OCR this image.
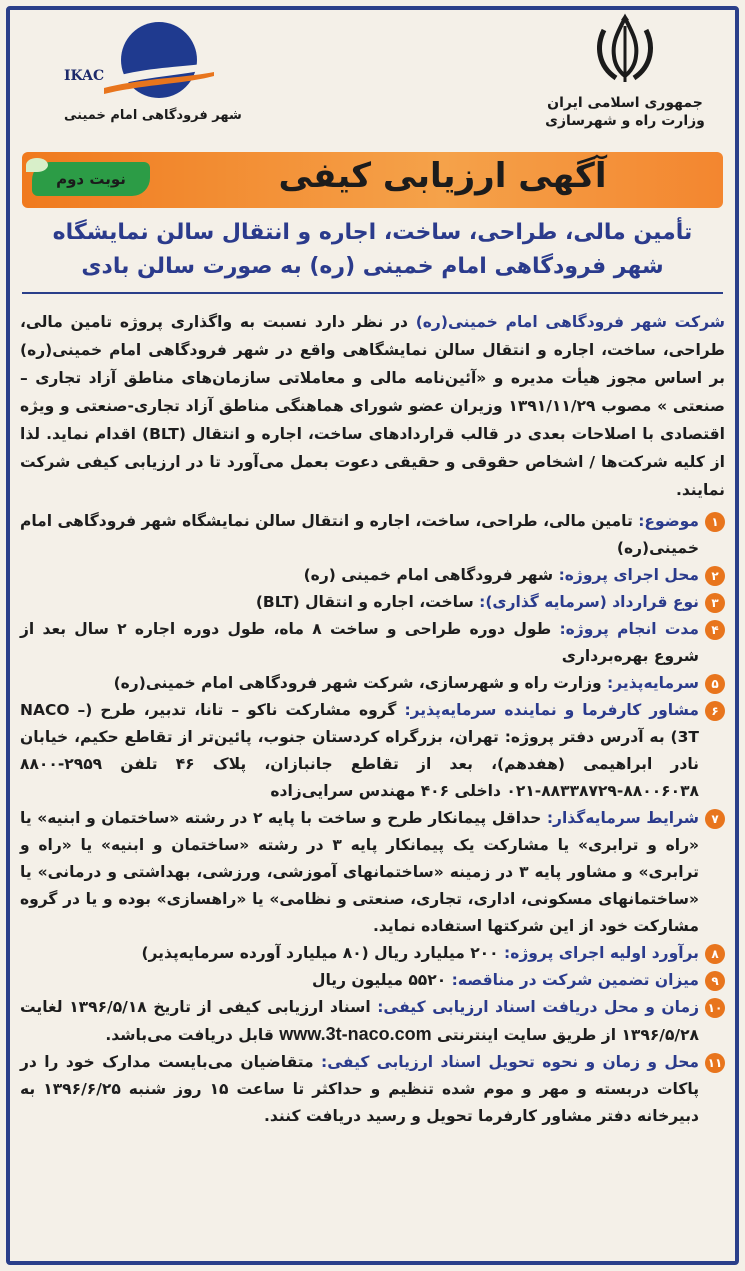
جمهوری اسلامی ایران
وزارت راه و شهرسازی
IKAC
شهر فرودگاهی امام خمینی
آگهی ارزیابی کیفی
نوبت دوم
تأمین مالی، طراحی، ساخت، اجاره و انتقال سالن نمایشگاه
شهر فرودگاهی امام خمینی (ره) به صورت سالن بادی
شرکت شهر فرودگاهی امام خمینی(ره) در نظر دارد نسبت به واگذاری پروژه تامین مالی، طراحی، ساخت، اجاره و انتقال سالن نمایشگاهی واقع در شهر فرودگاهی امام خمینی(ره) بر اساس مجوز هیأت مدیره و «آئین‌نامه مالی و معاملاتی سازمان‌های مناطق آزاد تجاری – صنعتی » مصوب ۱۳۹۱/۱۱/۲۹ وزیران عضو شورای هماهنگی مناطق آزاد تجاری-صنعتی و ویژه اقتصادی با اصلاحات بعدی در قالب قراردادهای ساخت، اجاره و انتقال (BLT) اقدام نماید. لذا از کلیه شرکت‌ها / اشخاص حقوقی و حقیقی دعوت بعمل می‌آورد تا در ارزیابی کیفی شرکت نمایند.
۱
موضوع: تامین مالی، طراحی، ساخت، اجاره و انتقال سالن نمایشگاه شهر فرودگاهی امام خمینی(ره)
۲
محل اجرای پروژه: شهر فرودگاهی امام خمینی (ره)
۳
نوع قرارداد (سرمایه گذاری): ساخت، اجاره و انتقال (BLT)
۴
مدت انجام پروژه: طول دوره طراحی و ساخت ۸ ماه، طول دوره اجاره ۲ سال بعد از شروع بهره‌برداری
۵
سرمایه‌پذیر: وزارت راه و شهرسازی، شرکت شهر فرودگاهی امام خمینی(ره)
۶
مشاور کارفرما و نماینده سرمایه‌پذیر: گروه مشارکت ناکو – تانا، تدبیر، طرح (NACO – 3T) به آدرس دفتر پروژه: تهران، بزرگراه کردستان جنوب، پائین‌تر از تقاطع حکیم، خیابان نادر ابراهیمی (هفدهم)، بعد از تقاطع جانبازان، پلاک ۴۶ تلفن ۲۹۵۹-۸۸۰۰ ۸۸۰۰۶۰۳۸-۸۸۳۳۸۷۲۹-۰۲۱ داخلی ۴۰۶ مهندس سرایی‌زاده
۷
شرایط سرمایه‌گذار: حداقل پیمانکار طرح و ساخت با پایه ۲ در رشته «ساختمان و ابنیه» یا «راه و ترابری» یا مشارکت یک پیمانکار پایه ۳ در رشته «ساختمان و ابنیه» یا «راه و ترابری» و مشاور پایه ۳ در زمینه «ساختمانهای آموزشی، ورزشی، بهداشتی و درمانی» یا «ساختمانهای مسکونی، اداری، تجاری، صنعتی و نظامی» یا «راهسازی» بوده و یا در گروه مشارکت خود از این شرکتها استفاده نماید.
۸
برآورد اولیه اجرای پروژه: ۲۰۰ میلیارد ریال (۸۰ میلیارد آورده سرمایه‌پذیر)
۹
میزان تضمین شرکت در مناقصه: ۵۵۲۰ میلیون ریال
۱۰
زمان و محل دریافت اسناد ارزیابی کیفی: اسناد ارزیابی کیفی از تاریخ ۱۳۹۶/۵/۱۸ لغایت ۱۳۹۶/۵/۲۸ از طریق سایت اینترنتی www.3t-naco.com قابل دریافت می‌باشد.
۱۱
محل و زمان و نحوه تحویل اسناد ارزیابی کیفی: متقاضیان می‌بایست مدارک خود را در پاکات دربسته و مهر و موم شده تنظیم و حداکثر تا ساعت ۱۵ روز شنبه ۱۳۹۶/۶/۲۵ به دبیرخانه دفتر مشاور کارفرما تحویل و رسید دریافت کنند.
